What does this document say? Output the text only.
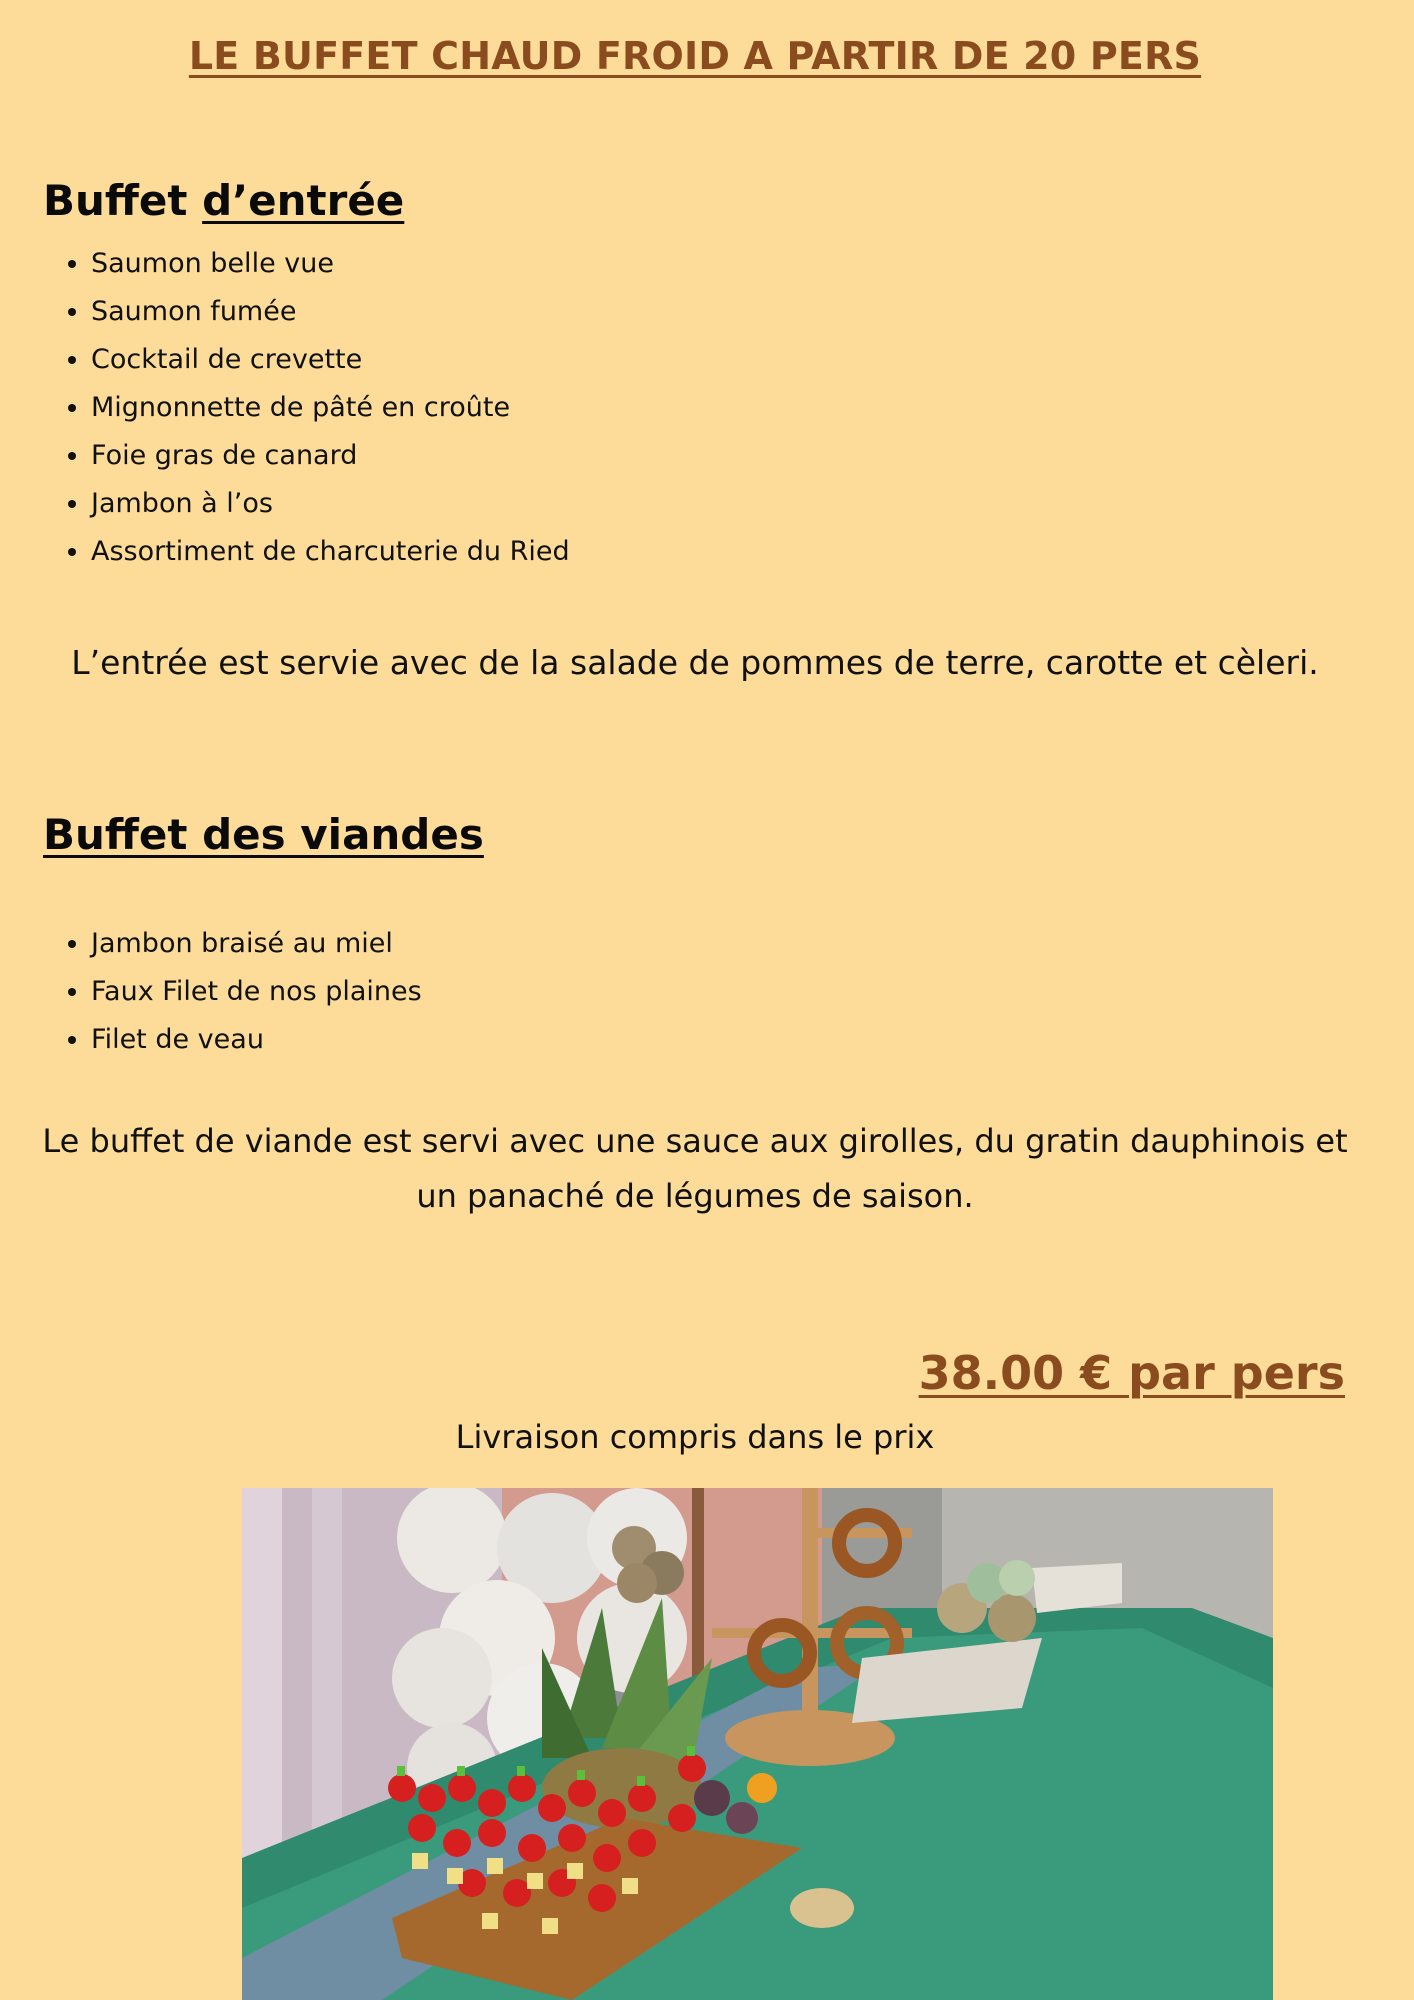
LE BUFFET CHAUD FROID A PARTIR DE 20 PERS
Buffet d’entrée
• Saumon belle vue
• Saumon fumée
• Cocktail de crevette
• Mignonnette de pâté en croûte
• Foie gras de canard
• Jambon à l’os
• Assortiment de charcuterie du Ried
L’entrée est servie avec de la salade de pommes de terre, carotte et cèleri.
Buffet des viandes
• Jambon braisé au miel
• Faux Filet de nos plaines
• Filet de veau
Le buffet de viande est servi avec une sauce aux girolles, du gratin dauphinois et un panaché de légumes de saison.
38.00 € par pers
Livraison compris dans le prix
